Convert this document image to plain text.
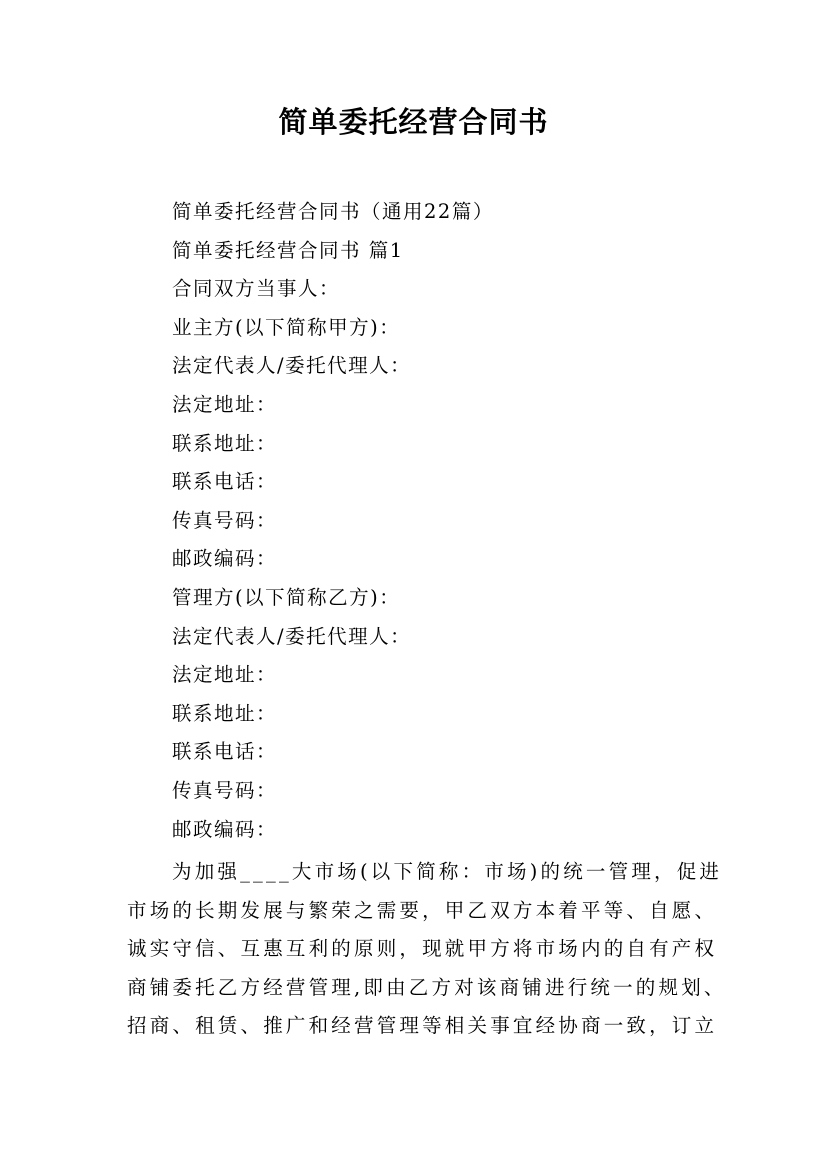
简单委托经营合同书
简单委托经营合同书（通用22篇）
简单委托经营合同书 篇1
合同双方当事人：
业主方(以下简称甲方)：
法定代表人/委托代理人：
法定地址：
联系地址：
联系电话：
传真号码：
邮政编码：
管理方(以下简称乙方)：
法定代表人/委托代理人：
法定地址：
联系地址：
联系电话：
传真号码：
邮政编码：
为加强____大市场(以下简称：市场)的统一管理，促进
市场的长期发展与繁荣之需要，甲乙双方本着平等、自愿、
诚实守信、互惠互利的原则，现就甲方将市场内的自有产权
商铺委托乙方经营管理,即由乙方对该商铺进行统一的规划、
招商、租赁、推广和经营管理等相关事宜经协商一致，订立
